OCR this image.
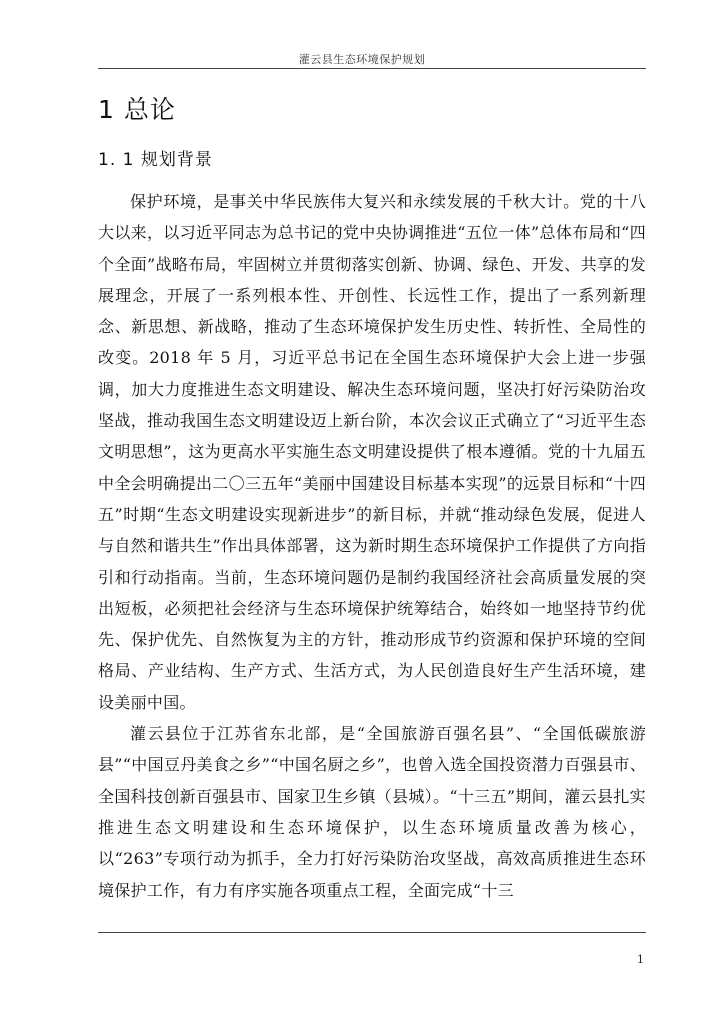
灌云县生态环境保护规划
1 总论
1. 1 规划背景

保护环境，是事关中华民族伟大复兴和永续发展的千秋大计。党的十八大以来，以习近平同志为总书记的党中央协调推进“五位一体”总体布局和“四个全面”战略布局，牢固树立并贯彻落实创新、协调、绿色、开发、共享的发展理念，开展了一系列根本性、开创性、长远性工作，提出了一系列新理念、新思想、新战略，推动了生态环境保护发生历史性、转折性、全局性的改变。2018 年 5 月，习近平总书记在全国生态环境保护大会上进一步强调，加大力度推进生态文明建设、解决生态环境问题，坚决打好污染防治攻坚战，推动我国生态文明建设迈上新台阶，本次会议正式确立了“习近平生态文明思想”，这为更高水平实施生态文明建设提供了根本遵循。党的十九届五中全会明确提出二〇三五年“美丽中国建设目标基本实现”的远景目标和“十四五”时期“生态文明建设实现新进步”的新目标，并就“推动绿色发展，促进人与自然和谐共生”作出具体部署，这为新时期生态环境保护工作提供了方向指引和行动指南。当前，生态环境问题仍是制约我国经济社会高质量发展的突出短板，必须把社会经济与生态环境保护统筹结合，始终如一地坚持节约优先、保护优先、自然恢复为主的方针，推动形成节约资源和保护环境的空间格局、产业结构、生产方式、生活方式，为人民创造良好生产生活环境，建设美丽中国。

灌云县位于江苏省东北部，是“全国旅游百强名县”、“全国低碳旅游县”“中国豆丹美食之乡”“中国名厨之乡”，也曾入选全国投资潜力百强县市、全国科技创新百强县市、国家卫生乡镇（县城）。“十三五”期间，灌云县扎实推进生态文明建设和生态环境保护，以生态环境质量改善为核心，以“263”专项行动为抓手，全力打好污染防治攻坚战，高效高质推进生态环境保护工作，有力有序实施各项重点工程，全面完成“十三

1
